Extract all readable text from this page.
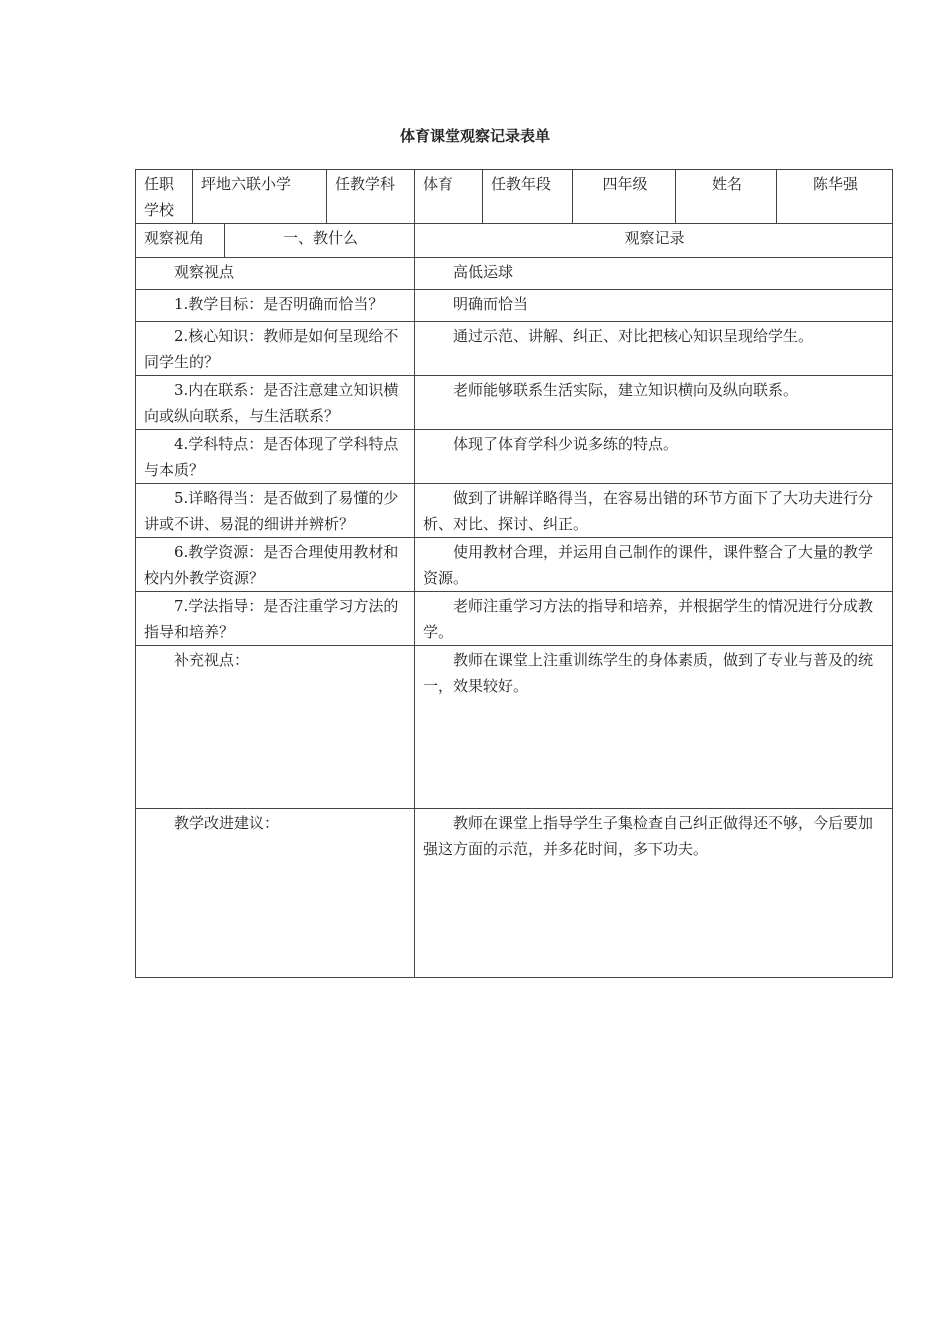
体育课堂观察记录表单
任职学校	坪地六联小学		任教学科	体育	任教年段	四年级	姓名	陈华强
观察视角		一、教什么		观察记录				
观察视点				高低运球				
1.教学目标：是否明确而恰当？				明确而恰当				
2.核心知识：教师是如何呈现给不同学生的？				通过示范、讲解、纠正、对比把核心知识呈现给学生。				
3.内在联系：是否注意建立知识横向或纵向联系，与生活联系？				老师能够联系生活实际，建立知识横向及纵向联系。				
4.学科特点：是否体现了学科特点与本质？				体现了体育学科少说多练的特点。				
5.详略得当：是否做到了易懂的少讲或不讲、易混的细讲并辨析？				做到了讲解详略得当，在容易出错的环节方面下了大功夫进行分析、对比、探讨、纠正。				
6.教学资源：是否合理使用教材和校内外教学资源？				使用教材合理，并运用自己制作的课件，课件整合了大量的教学资源。				
7.学法指导：是否注重学习方法的指导和培养？				老师注重学习方法的指导和培养，并根据学生的情况进行分成教学。				
补充视点：				教师在课堂上注重训练学生的身体素质，做到了专业与普及的统一，效果较好。				
教学改进建议：				教师在课堂上指导学生子集检查自己纠正做得还不够，今后要加强这方面的示范，并多花时间，多下功夫。				
